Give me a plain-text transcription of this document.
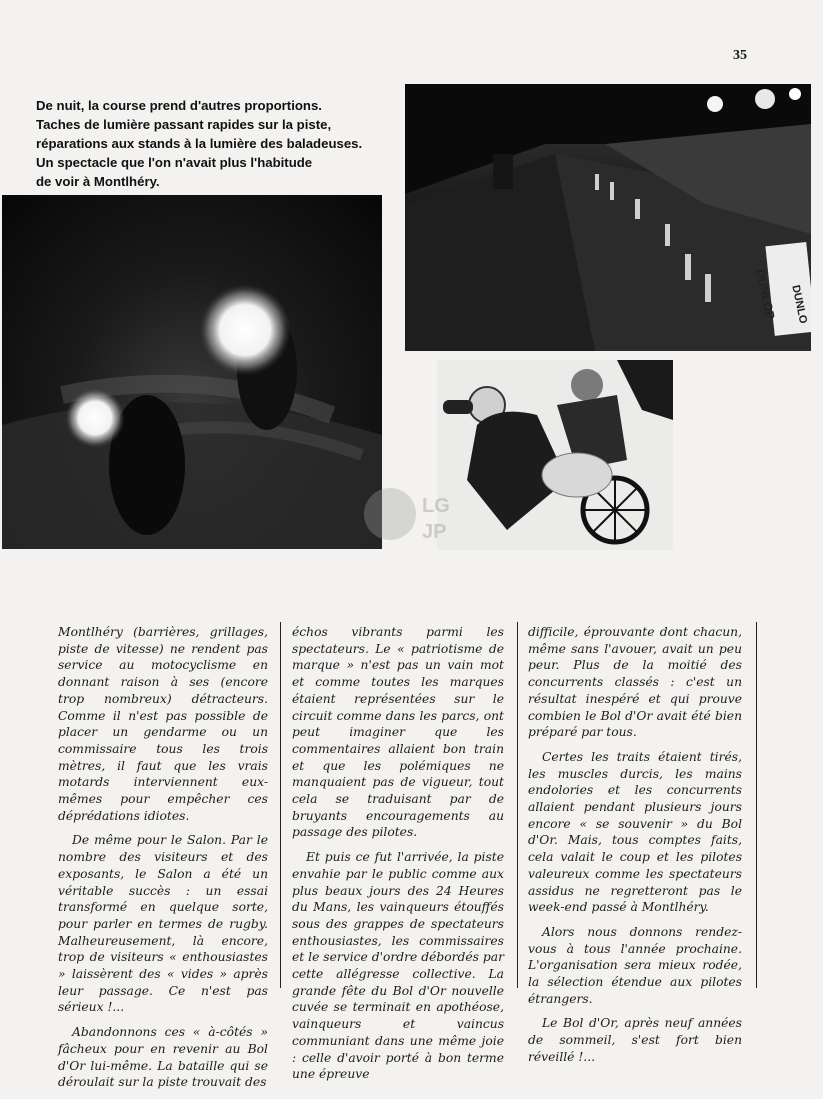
35
De nuit, la course prend d'autres proportions.
Taches de lumière passant rapides sur la piste,
réparations aux stands à la lumière des baladeuses.
Un spectacle que l'on n'avait plus l'habitude
de voir à Montlhéry.
DUNLOP DUNLO
LG
JP

Montlhéry (barrières, grillages, piste de vitesse) ne rendent pas service au motocyclisme en donnant raison à ses (encore trop nombreux) détracteurs. Comme il n'est pas possible de placer un gendarme ou un commissaire tous les trois mètres, il faut que les vrais motards interviennent eux-mêmes pour empêcher ces déprédations idiotes.

De même pour le Salon. Par le nombre des visiteurs et des exposants, le Salon a été un véritable succès : un essai transformé en quelque sorte, pour parler en termes de rugby. Malheureusement, là encore, trop de visiteurs « enthousiastes » laissèrent des « vides » après leur passage. Ce n'est pas sérieux !...

Abandonnons ces « à-côtés » fâcheux pour en revenir au Bol d'Or lui-même. La bataille qui se déroulait sur la piste trouvait des

échos vibrants parmi les spectateurs. Le « patriotisme de marque » n'est pas un vain mot et comme toutes les marques étaient représentées sur le circuit comme dans les parcs, ont peut imaginer que les commentaires allaient bon train et que les polémiques ne manquaient pas de vigueur, tout cela se traduisant par de bruyants encouragements au passage des pilotes.

Et puis ce fut l'arrivée, la piste envahie par le public comme aux plus beaux jours des 24 Heures du Mans, les vainqueurs étouffés sous des grappes de spectateurs enthousiastes, les commissaires et le service d'ordre débordés par cette allégresse collective. La grande fête du Bol d'Or nouvelle cuvée se terminait en apothéose, vainqueurs et vaincus communiant dans une même joie : celle d'avoir porté à bon terme une épreuve

difficile, éprouvante dont chacun, même sans l'avouer, avait un peu peur. Plus de la moitié des concurrents classés : c'est un résultat inespéré et qui prouve combien le Bol d'Or avait été bien préparé par tous.

Certes les traits étaient tirés, les muscles durcis, les mains endolories et les concurrents allaient pendant plusieurs jours encore « se souvenir » du Bol d'Or. Mais, tous comptes faits, cela valait le coup et les pilotes valeureux comme les spectateurs assidus ne regretteront pas le week-end passé à Montlhéry.

Alors nous donnons rendez-vous à tous l'année prochaine. L'organisation sera mieux rodée, la sélection étendue aux pilotes étrangers.

Le Bol d'Or, après neuf années de sommeil, s'est fort bien réveillé !...
